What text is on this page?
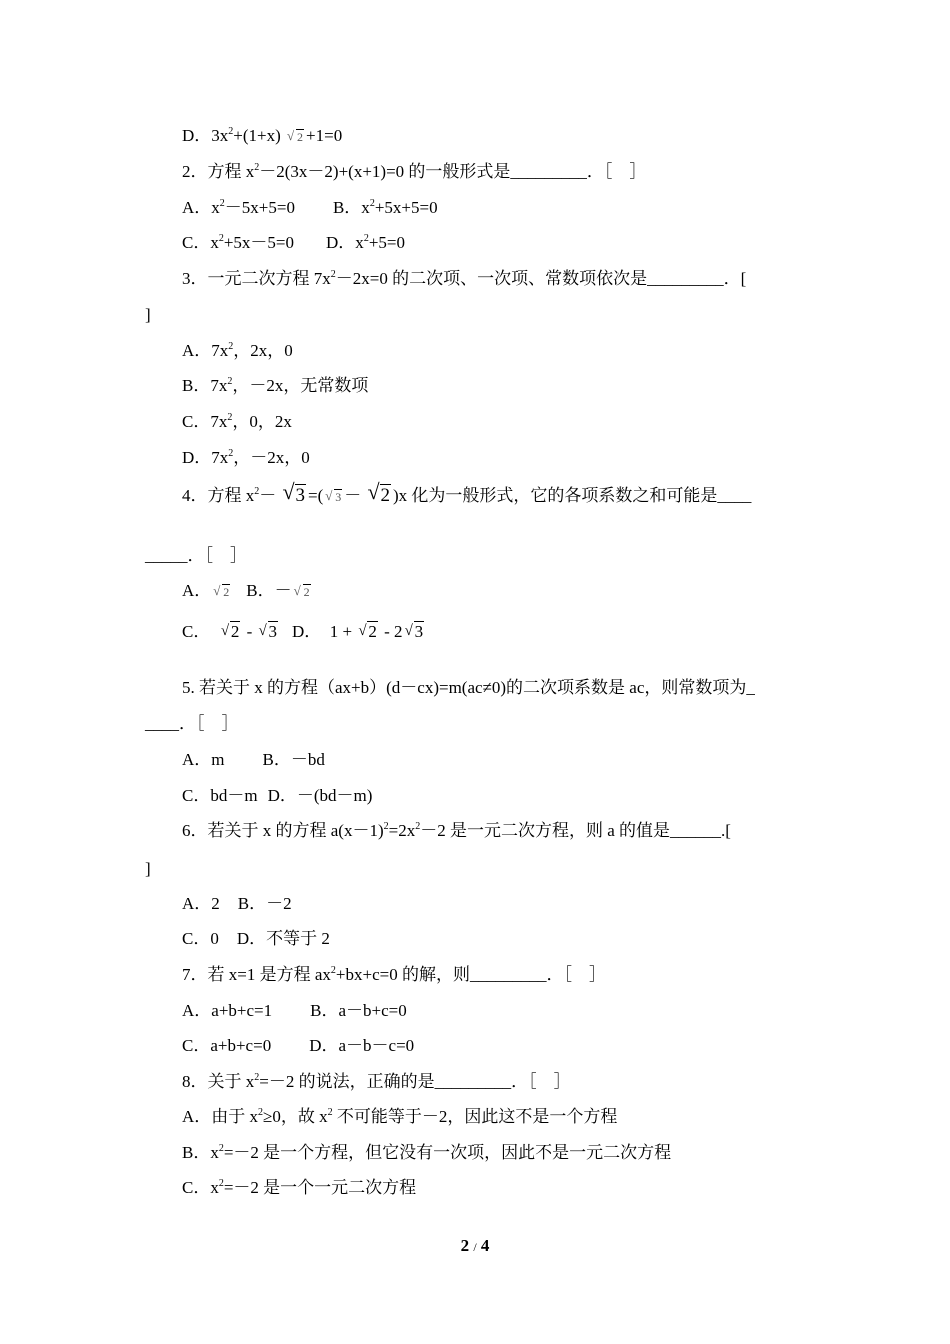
D．$3x^2+(1+x)$ √ 2 +1=0
2．方程 $x^2-2(3x-2)+(x+1)=0$ 的一般形式是_________．［    ］
A．$x^2-5x+5=0$ B．$x^2+5x+5=0$
C．$x^2+5x-5=0$ D．$x^2+5=0$
3．一元二次方程 $7x^2-2x=0$ 的二次项、一次项、常数项依次是_________．[
]
A．$7x^2$，2x，0
B．$7x^2$，－2x，无常数项
C．$7x^2$，0，2x
D．$7x^2$，－2x，0
4．方程 $x^2-$ √ 3 =( √ 3 － √ 2 )x 化为一般形式，它的各项系数之和可能是____
_____．［    ］
A． √ 2 B．－ √ 2
C．  √ 2 - √ 3 D．  1 + √ 2 - 2 √ 3
5. 若关于 x 的方程（ax+b）(d－cx)=m(ac≠0)的二次项系数是 ac，则常数项为_
____．［    ］
A．m B．－bd
C．bd－m D．－(bd－m)
6．若关于 x 的方程 $a(x-1)^2=2x^2-2$ 是一元二次方程，则 a 的值是______.[
]
A．2 B．－2
C．0 D．不等于 2
7．若 x=1 是方程 $ax^2+bx+c=0$ 的解，则_________．［    ］
A．a+b+c=1 B．a－b+c=0
C．a+b+c=0 D．a－b－c=0
8．关于 $x^2=-2$ 的说法，正确的是_________．［    ］
A．由于 $x^2\ge 0$，故 $x^2$ 不可能等于－2，因此这不是一个方程
B．$x^2=-2$ 是一个方程，但它没有一次项，因此不是一元二次方程
C．$x^2=-2$ 是一个一元二次方程
2 / 4
